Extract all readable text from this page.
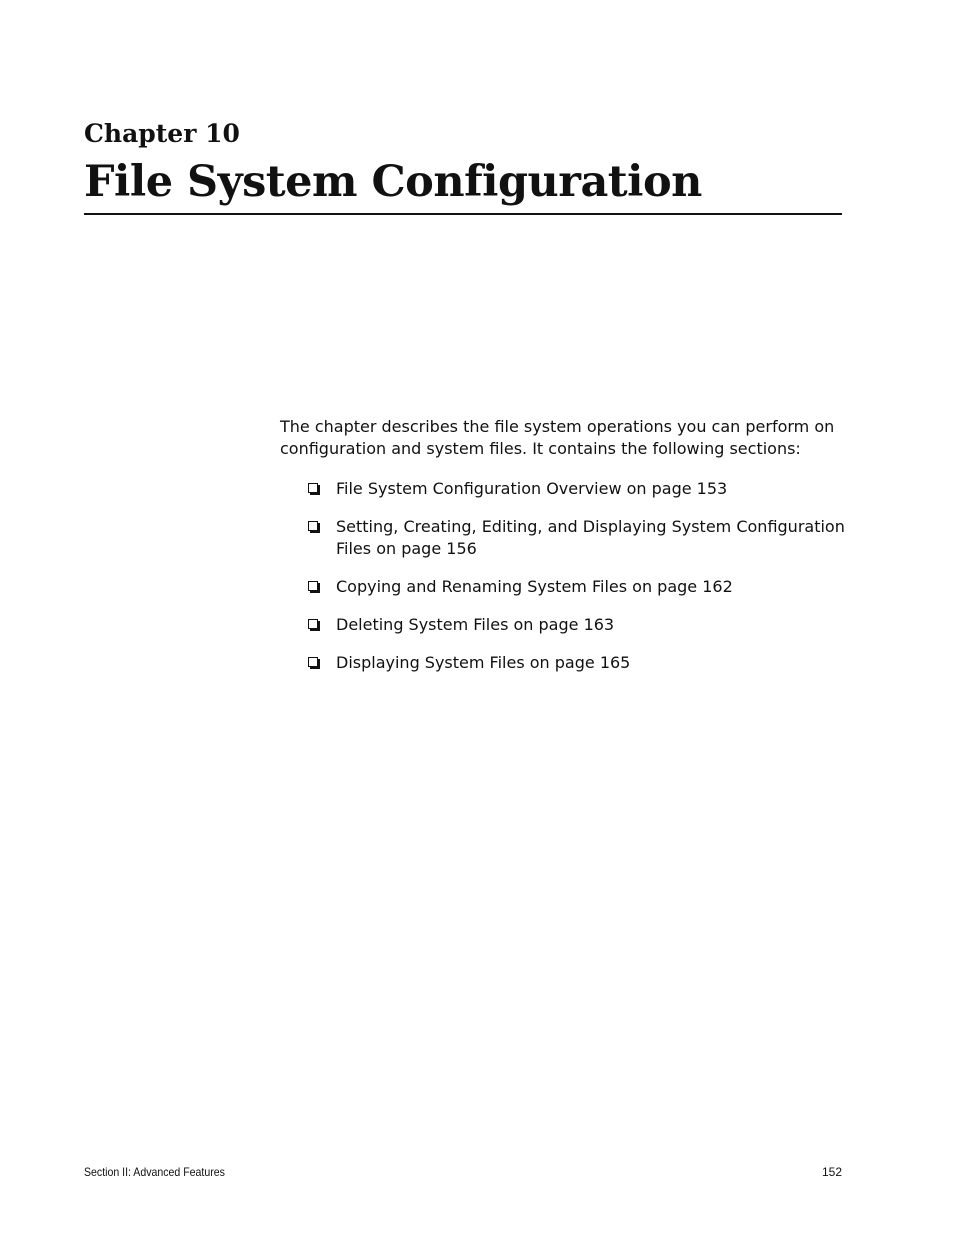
Chapter 10
File System Configuration

The chapter describes the file system operations you can perform on configuration and system files. It contains the following sections:

File System Configuration Overview on page 153
Setting, Creating, Editing, and Displaying System Configuration Files on page 156
Copying and Renaming System Files on page 162
Deleting System Files on page 163
Displaying System Files on page 165

Section II: Advanced Features	152
